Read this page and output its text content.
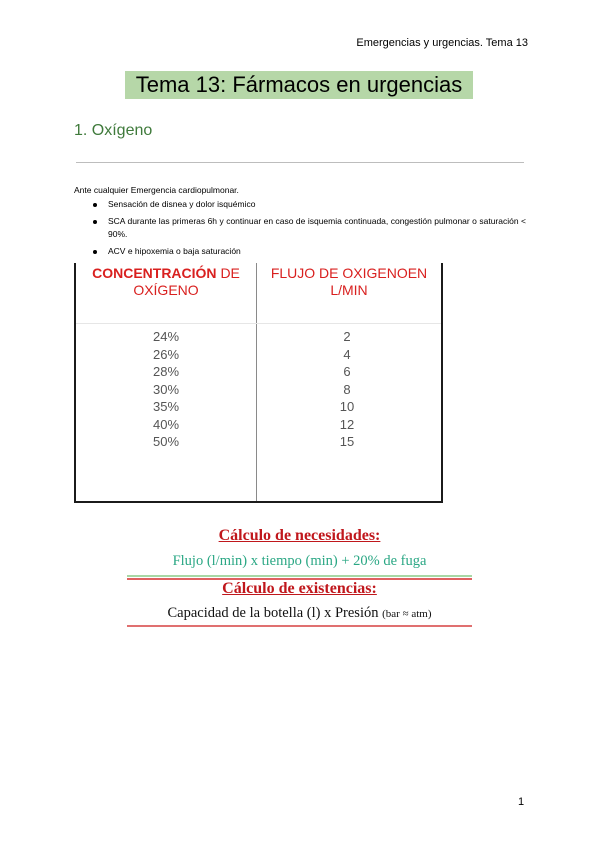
Emergencias y urgencias. Tema 13
Tema 13: Fármacos en urgencias
1. Oxígeno
Ante cualquier Emergencia cardiopulmonar.
Sensación de disnea y dolor isquémico
SCA durante las primeras 6h y continuar en caso de isquemia continuada, congestión pulmonar o saturación < 90%.
ACV e hipoxemia o baja saturación
CONCENTRACIÓN DE
OXÍGENO
FLUJO DE OXIGENOEN
L/MIN
24%
26%
28%
30%
35%
40%
50%
2
4
6
8
10
12
15
Cálculo de necesidades:
Flujo (l/min) x tiempo (min) + 20% de fuga
Cálculo de existencias:
Capacidad de la botella (l) x Presión (bar ≈ atm)
1
